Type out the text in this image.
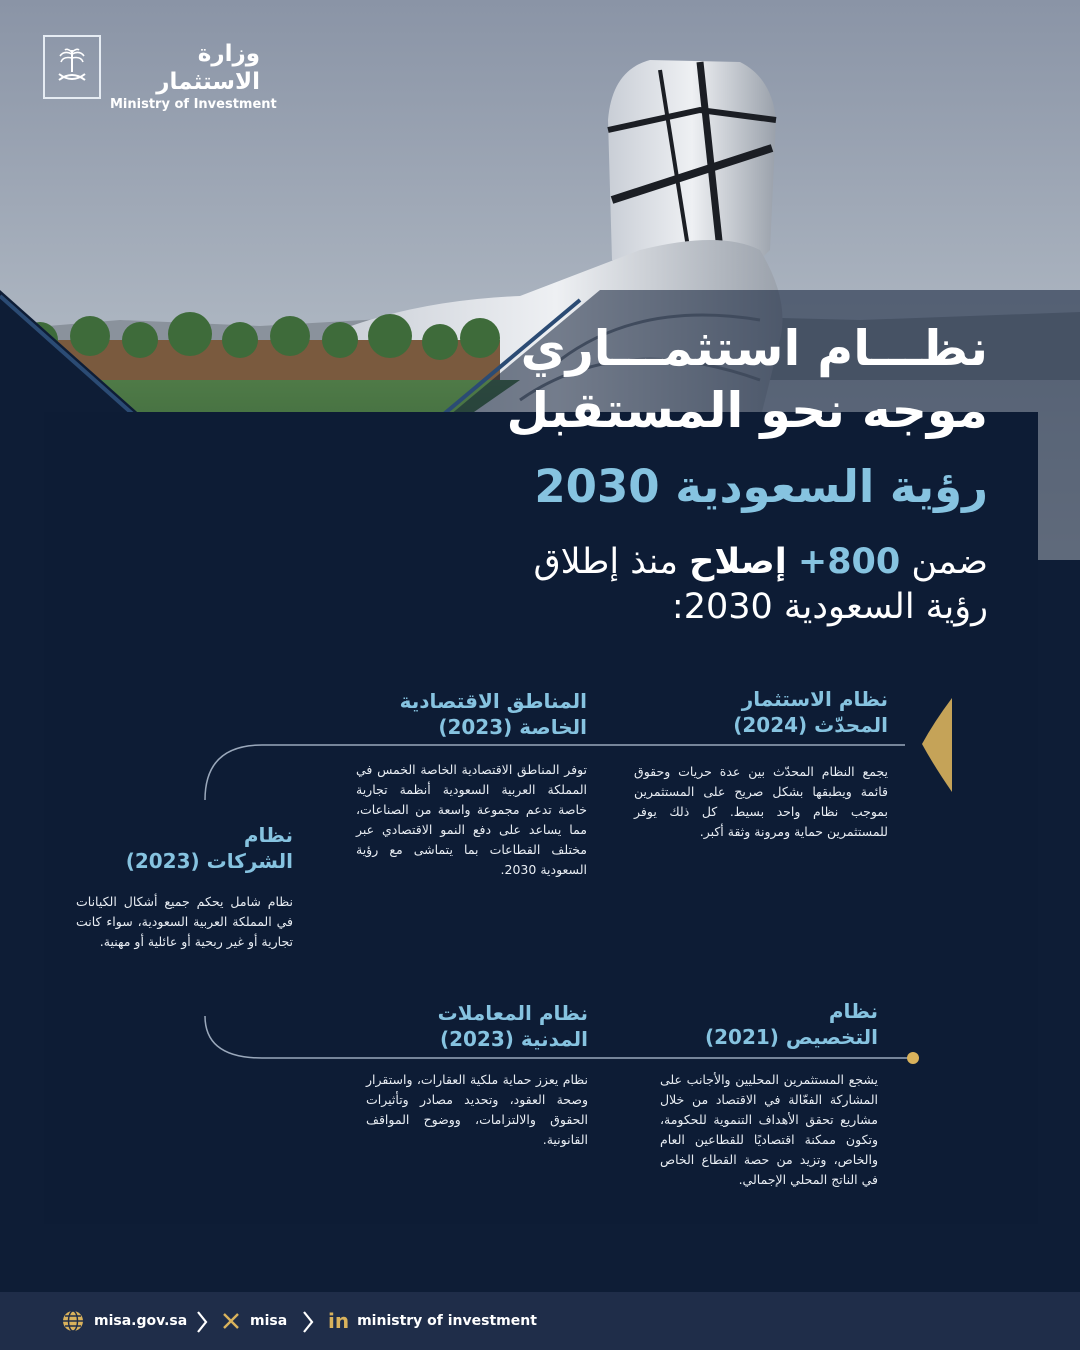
وزارة الاستثمار
Ministry of Investment
نظـــام استثمـــاري
موجه نحو المستقبل
رؤية السعودية 2030
ضمن 800+ إصلاح منذ إطلاق
رؤية السعودية 2030:
نظام الاستثمار
المحدّث (2024)
يجمع النظام المحدّث بين عدة حريات وحقوق قائمة ويطبقها بشكل صريح على المستثمرين بموجب نظام واحد بسيط. كل ذلك يوفر للمستثمرين حماية ومرونة وثقة أكبر.
المناطق الاقتصادية
الخاصة (2023)
توفر المناطق الاقتصادية الخاصة الخمس في المملكة العربية السعودية أنظمة تجارية خاصة تدعم مجموعة واسعة من الصناعات، مما يساعد على دفع النمو الاقتصادي عبر مختلف القطاعات بما يتماشى مع رؤية السعودية 2030.
نظام
الشركات (2023)
نظام شامل يحكم جميع أشكال الكيانات في المملكة العربية السعودية، سواء كانت تجارية أو غير ربحية أو عائلية أو مهنية.
نظام
التخصيص (2021)
يشجع المستثمرين المحليين والأجانب على المشاركة الفعّالة في الاقتصاد من خلال مشاريع تحقق الأهداف التنموية للحكومة، وتكون ممكنة اقتصاديًا للقطاعين العام والخاص، وتزيد من حصة القطاع الخاص في الناتج المحلي الإجمالي.
نظام المعاملات
المدنية (2023)
نظام يعزز حماية ملكية العقارات، واستقرار وصحة العقود، وتحديد مصادر وتأثيرات الحقوق والالتزامات، ووضوح المواقف القانونية.
misa.gov.sa	misa in ministry of investment
